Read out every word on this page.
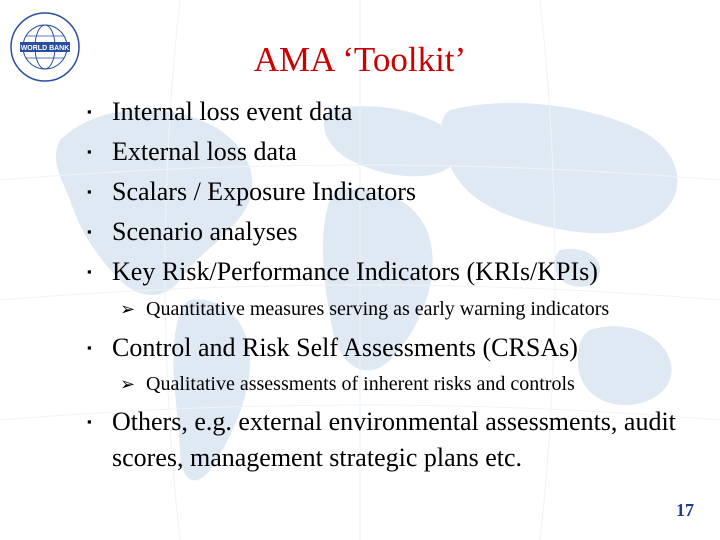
WORLD BANK	AMA ‘Toolkit’
▪ Internal loss event data
▪ External loss data
▪ Scalars / Exposure Indicators
▪ Scenario analyses
▪ Key Risk/Performance Indicators (KRIs/KPIs)
➢ Quantitative measures serving as early warning indicators
▪ Control and Risk Self Assessments (CRSAs)
➢ Qualitative assessments of inherent risks and controls
▪ Others, e.g. external environmental assessments, audit scores, management strategic plans etc.
17
